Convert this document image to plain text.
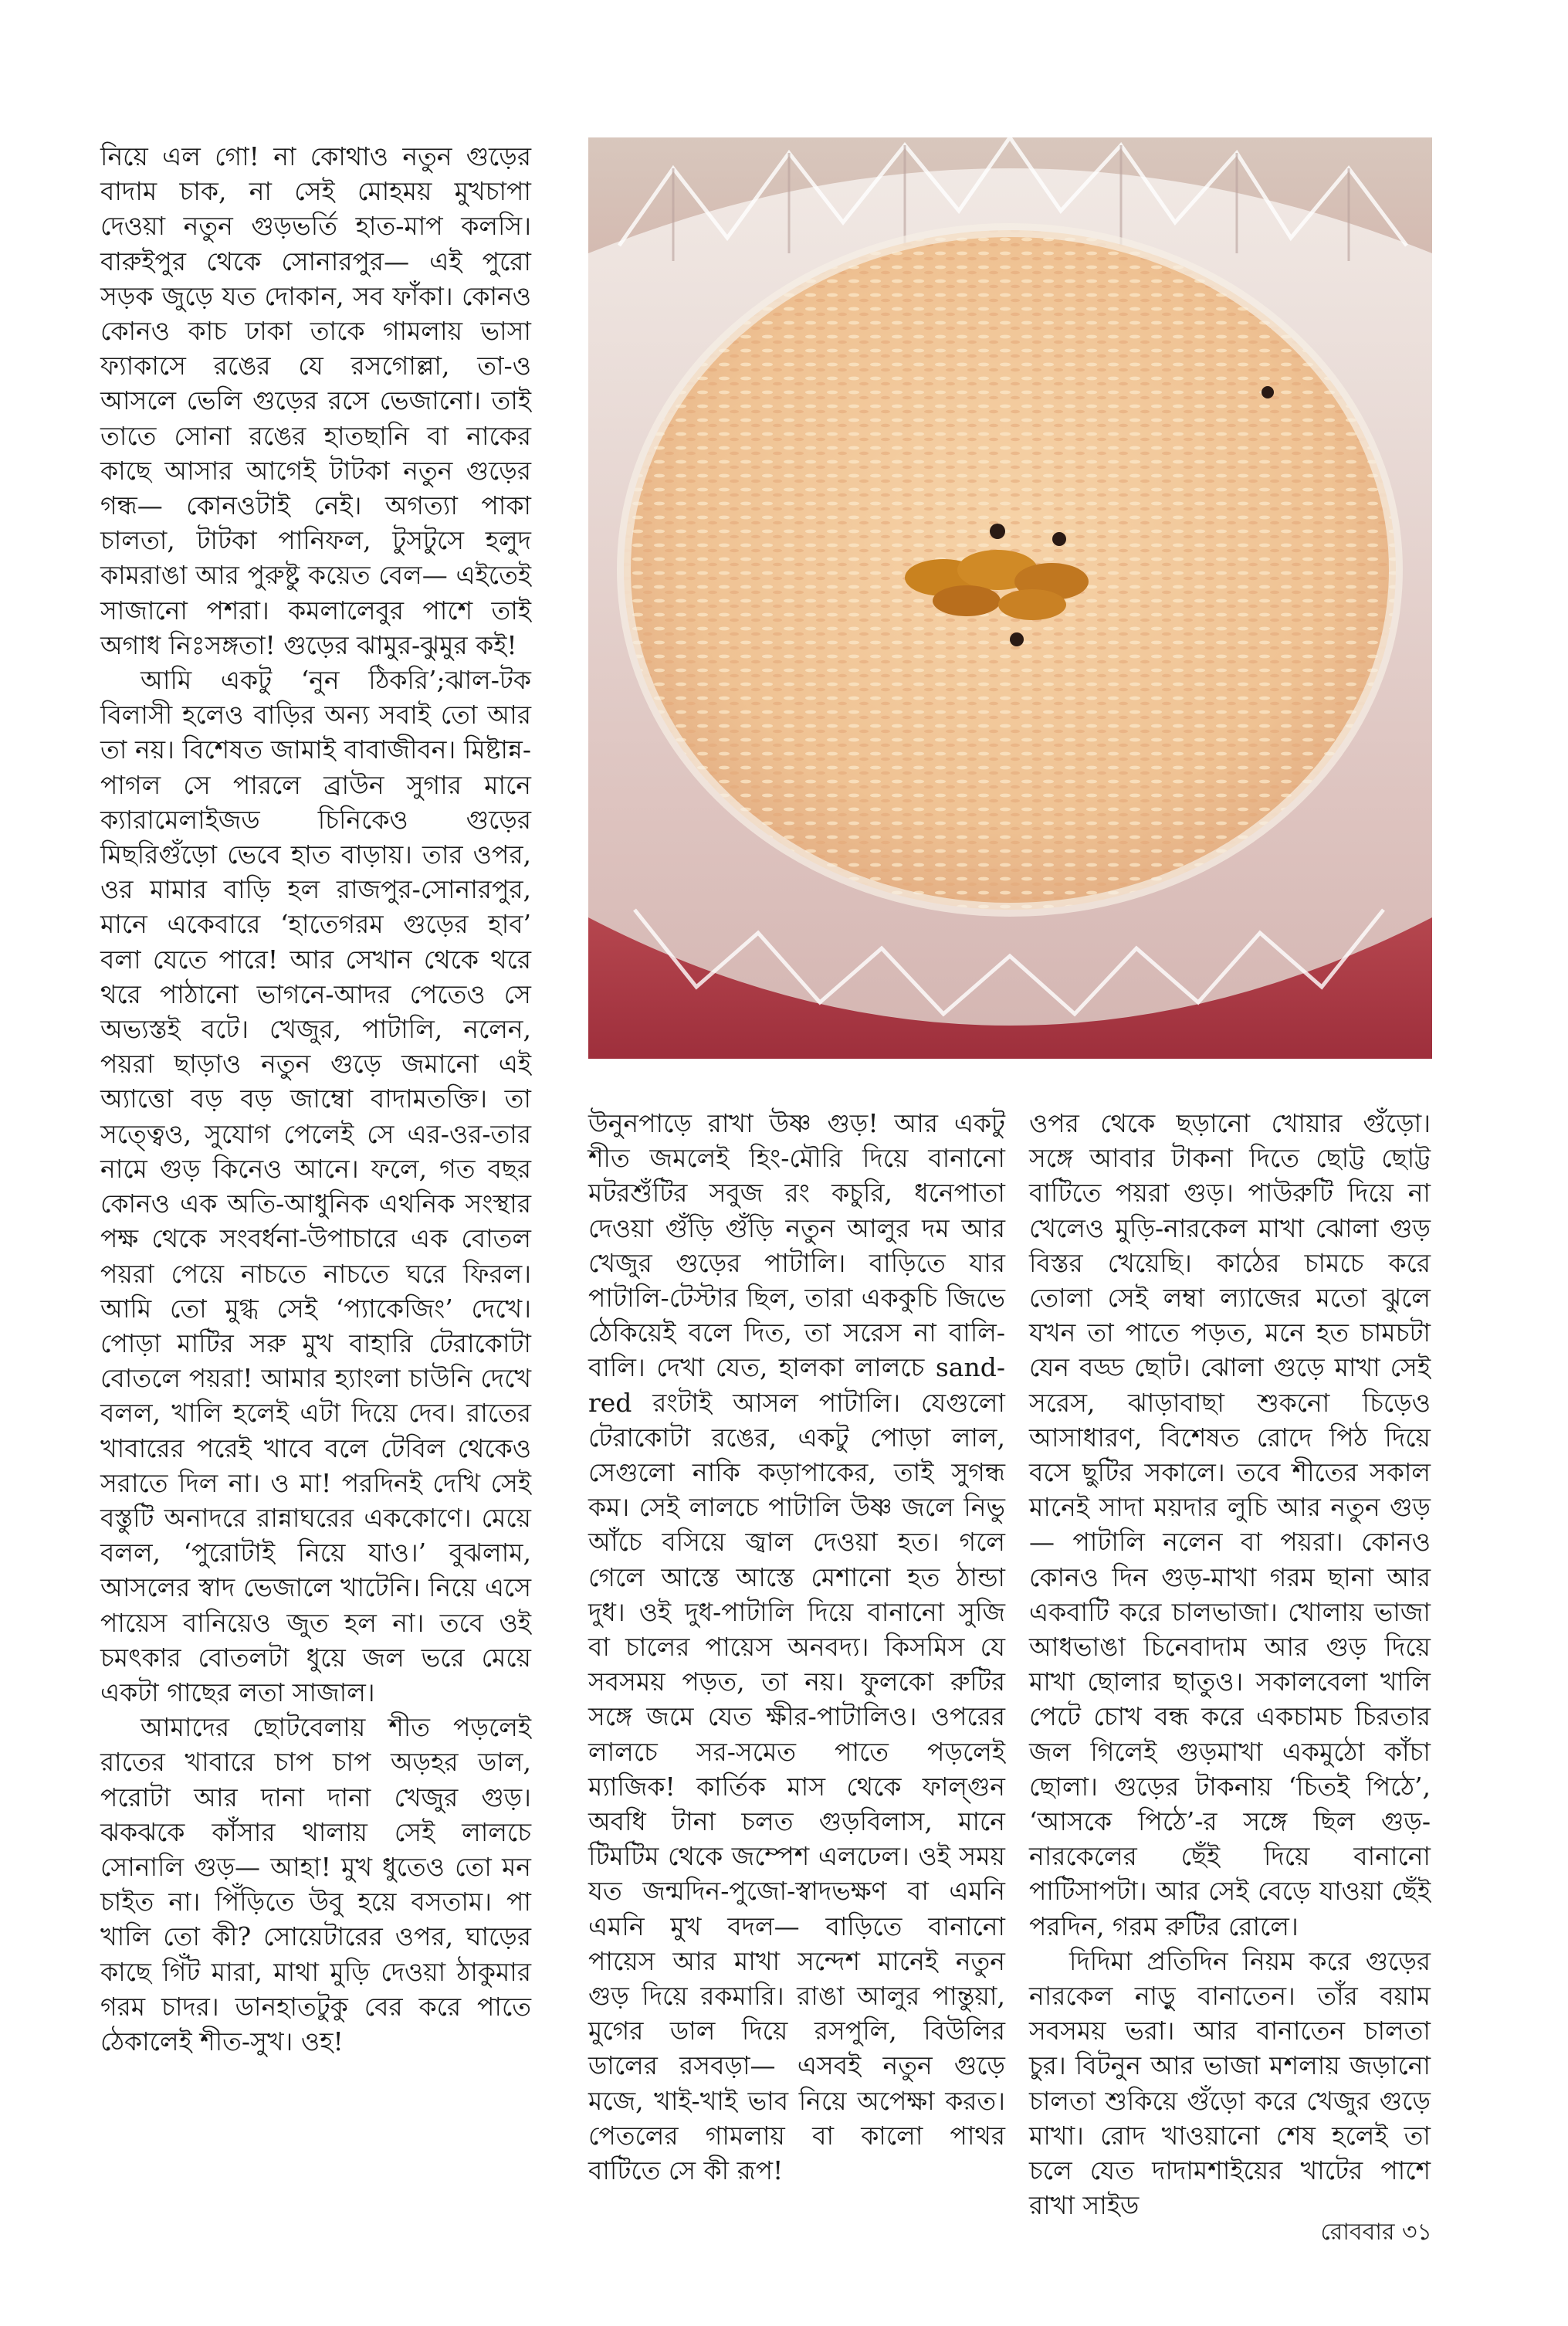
নিয়ে এল গো! না কোথাও নতুন গুড়ের বাদাম চাক, না সেই মোহময় মুখচাপা দেওয়া নতুন গুড়ভর্তি হাত-মাপ কলসি। বারুইপুর থেকে সোনারপুর— এই পুরো সড়ক জুড়ে যত দোকান, সব ফাঁকা। কোনও কোনও কাচ ঢাকা তাকে গামলায় ভাসা ফ্যাকাসে রঙের যে রসগোল্লা, তা-ও আসলে ভেলি গুড়ের রসে ভেজানো। তাই তাতে সোনা রঙের হাতছানি বা নাকের কাছে আসার আগেই টাটকা নতুন গুড়ের গন্ধ— কোনওটাই নেই। অগত্যা পাকা চালতা, টাটকা পানিফল, টুসটুসে হলুদ কামরাঙা আর পুরুষ্টু কয়েত বেল— এইতেই সাজানো পশরা। কমলালেবুর পাশে তাই অগাধ নিঃসঙ্গতা! গুড়ের ঝামুর-ঝুমুর কই!

আমি একটু ‘নুন ঠিকরি’;ঝাল-টক বিলাসী হলেও বাড়ির অন্য সবাই তো আর তা নয়। বিশেষত জামাই বাবাজীবন। মিষ্টান্ন-পাগল সে পারলে ব্রাউন সুগার মানে ক্যারামেলাইজড চিনিকেও গুড়ের মিছরিগুঁড়ো ভেবে হাত বাড়ায়। তার ওপর, ওর মামার বাড়ি হল রাজপুর-সোনারপুর, মানে একেবারে ‘হাতেগরম গুড়ের হাব’ বলা যেতে পারে! আর সেখান থেকে থরে থরে পাঠানো ভাগনে-আদর পেতেও সে অভ্যস্তই বটে। খেজুর, পাটালি, নলেন, পয়রা ছাড়াও নতুন গুড়ে জমানো এই অ্যাত্তো বড় বড় জাম্বো বাদামতক্তি। তা সত্ত্বেও, সুযোগ পেলেই সে এর-ওর-তার নামে গুড় কিনেও আনে। ফলে, গত বছর কোনও এক অতি-আধুনিক এথনিক সংস্থার পক্ষ থেকে সংবর্ধনা-উপাচারে এক বোতল পয়রা পেয়ে নাচতে নাচতে ঘরে ফিরল। আমি তো মুগ্ধ সেই ‘প্যাকেজিং’ দেখে। পোড়া মাটির সরু মুখ বাহারি টেরাকোটা বোতলে পয়রা! আমার হ্যাংলা চাউনি দেখে বলল, খালি হলেই এটা দিয়ে দেব। রাতের খাবারের পরেই খাবে বলে টেবিল থেকেও সরাতে দিল না। ও মা! পরদিনই দেখি সেই বস্তুটি অনাদরে রান্নাঘরের এককোণে। মেয়ে বলল, ‘পুরোটাই নিয়ে যাও।’ বুঝলাম, আসলের স্বাদ ভেজালে খাটেনি। নিয়ে এসে পায়েস বানিয়েও জুত হল না। তবে ওই চমৎকার বোতলটা ধুয়ে জল ভরে মেয়ে একটা গাছের লতা সাজাল।

আমাদের ছোটবেলায় শীত পড়লেই রাতের খাবারে চাপ চাপ অড়হর ডাল, পরোটা আর দানা দানা খেজুর গুড়। ঝকঝকে কাঁসার থালায় সেই লালচে সোনালি গুড়— আহা! মুখ ধুতেও তো মন চাইত না। পিঁড়িতে উবু হয়ে বসতাম। পা খালি তো কী? সোয়েটারের ওপর, ঘাড়ের কাছে গিঁট মারা, মাথা মুড়ি দেওয়া ঠাকুমার গরম চাদর। ডানহাতটুকু বের করে পাতে ঠেকালেই শীত-সুখ। ওহ!

উনুনপাড়ে রাখা উষ্ণ গুড়! আর একটু শীত জমলেই হিং-মৌরি দিয়ে বানানো মটরশুঁটির সবুজ রং কচুরি, ধনেপাতা দেওয়া গুঁড়ি গুঁড়ি নতুন আলুর দম আর খেজুর গুড়ের পাটালি। বাড়িতে যার পাটালি-টেস্টার ছিল, তারা এককুচি জিভে ঠেকিয়েই বলে দিত, তা সরেস না বালি-বালি। দেখা যেত, হালকা লালচে sand-red রংটাই আসল পাটালি। যেগুলো টেরাকোটা রঙের, একটু পোড়া লাল, সেগুলো নাকি কড়াপাকের, তাই সুগন্ধ কম। সেই লালচে পাটালি উষ্ণ জলে নিভু আঁচে বসিয়ে জ্বাল দেওয়া হত। গলে গেলে আস্তে আস্তে মেশানো হত ঠান্ডা দুধ। ওই দুধ-পাটালি দিয়ে বানানো সুজি বা চালের পায়েস অনবদ্য। কিসমিস যে সবসময় পড়ত, তা নয়। ফুলকো রুটির সঙ্গে জমে যেত ক্ষীর-পাটালিও। ওপরের লালচে সর-সমেত পাতে পড়লেই ম্যাজিক! কার্তিক মাস থেকে ফাল্গুন অবধি টানা চলত গুড়বিলাস, মানে টিমটিম থেকে জম্পেশ এলঢেল। ওই সময় যত জন্মদিন-পুজো-স্বাদভক্ষণ বা এমনি এমনি মুখ বদল— বাড়িতে বানানো পায়েস আর মাখা সন্দেশ মানেই নতুন গুড় দিয়ে রকমারি। রাঙা আলুর পান্তুয়া, মুগের ডাল দিয়ে রসপুলি, বিউলির ডালের রসবড়া— এসবই নতুন গুড়ে মজে, খাই-খাই ভাব নিয়ে অপেক্ষা করত। পেতলের গামলায় বা কালো পাথর বাটিতে সে কী রূপ!

ওপর থেকে ছড়ানো খোয়ার গুঁড়ো। সঙ্গে আবার টাকনা দিতে ছোট্ট ছোট্ট বাটিতে পয়রা গুড়। পাউরুটি দিয়ে না খেলেও মুড়ি-নারকেল মাখা ঝোলা গুড় বিস্তর খেয়েছি। কাঠের চামচে করে তোলা সেই লম্বা ল্যাজের মতো ঝুলে যখন তা পাতে পড়ত, মনে হত চামচটা যেন বড্ড ছোট। ঝোলা গুড়ে মাখা সেই সরেস, ঝাড়াবাছা শুকনো চিড়েও আসাধারণ, বিশেষত রোদে পিঠ দিয়ে বসে ছুটির সকালে। তবে শীতের সকাল মানেই সাদা ময়দার লুচি আর নতুন গুড়— পাটালি নলেন বা পয়রা। কোনও কোনও দিন গুড়-মাখা গরম ছানা আর একবাটি করে চালভাজা। খোলায় ভাজা আধভাঙা চিনেবাদাম আর গুড় দিয়ে মাখা ছোলার ছাতুও। সকালবেলা খালি পেটে চোখ বন্ধ করে একচামচ চিরতার জল গিলেই গুড়মাখা একমুঠো কাঁচা ছোলা। গুড়ের টাকনায় ‘চিতই পিঠে’, ‘আসকে পিঠে’-র সঙ্গে ছিল গুড়-নারকেলের ছেঁই দিয়ে বানানো পাটিসাপটা। আর সেই বেড়ে যাওয়া ছেঁই পরদিন, গরম রুটির রোলে।

দিদিমা প্রতিদিন নিয়ম করে গুড়ের নারকেল নাড়ু বানাতেন। তাঁর বয়াম সবসময় ভরা। আর বানাতেন চালতা চুর। বিটনুন আর ভাজা মশলায় জড়ানো চালতা শুকিয়ে গুঁড়ো করে খেজুর গুড়ে মাখা। রোদ খাওয়ানো শেষ হলেই তা চলে যেত দাদামশাইয়ের খাটের পাশে রাখা সাইড

রোববার ৩১
